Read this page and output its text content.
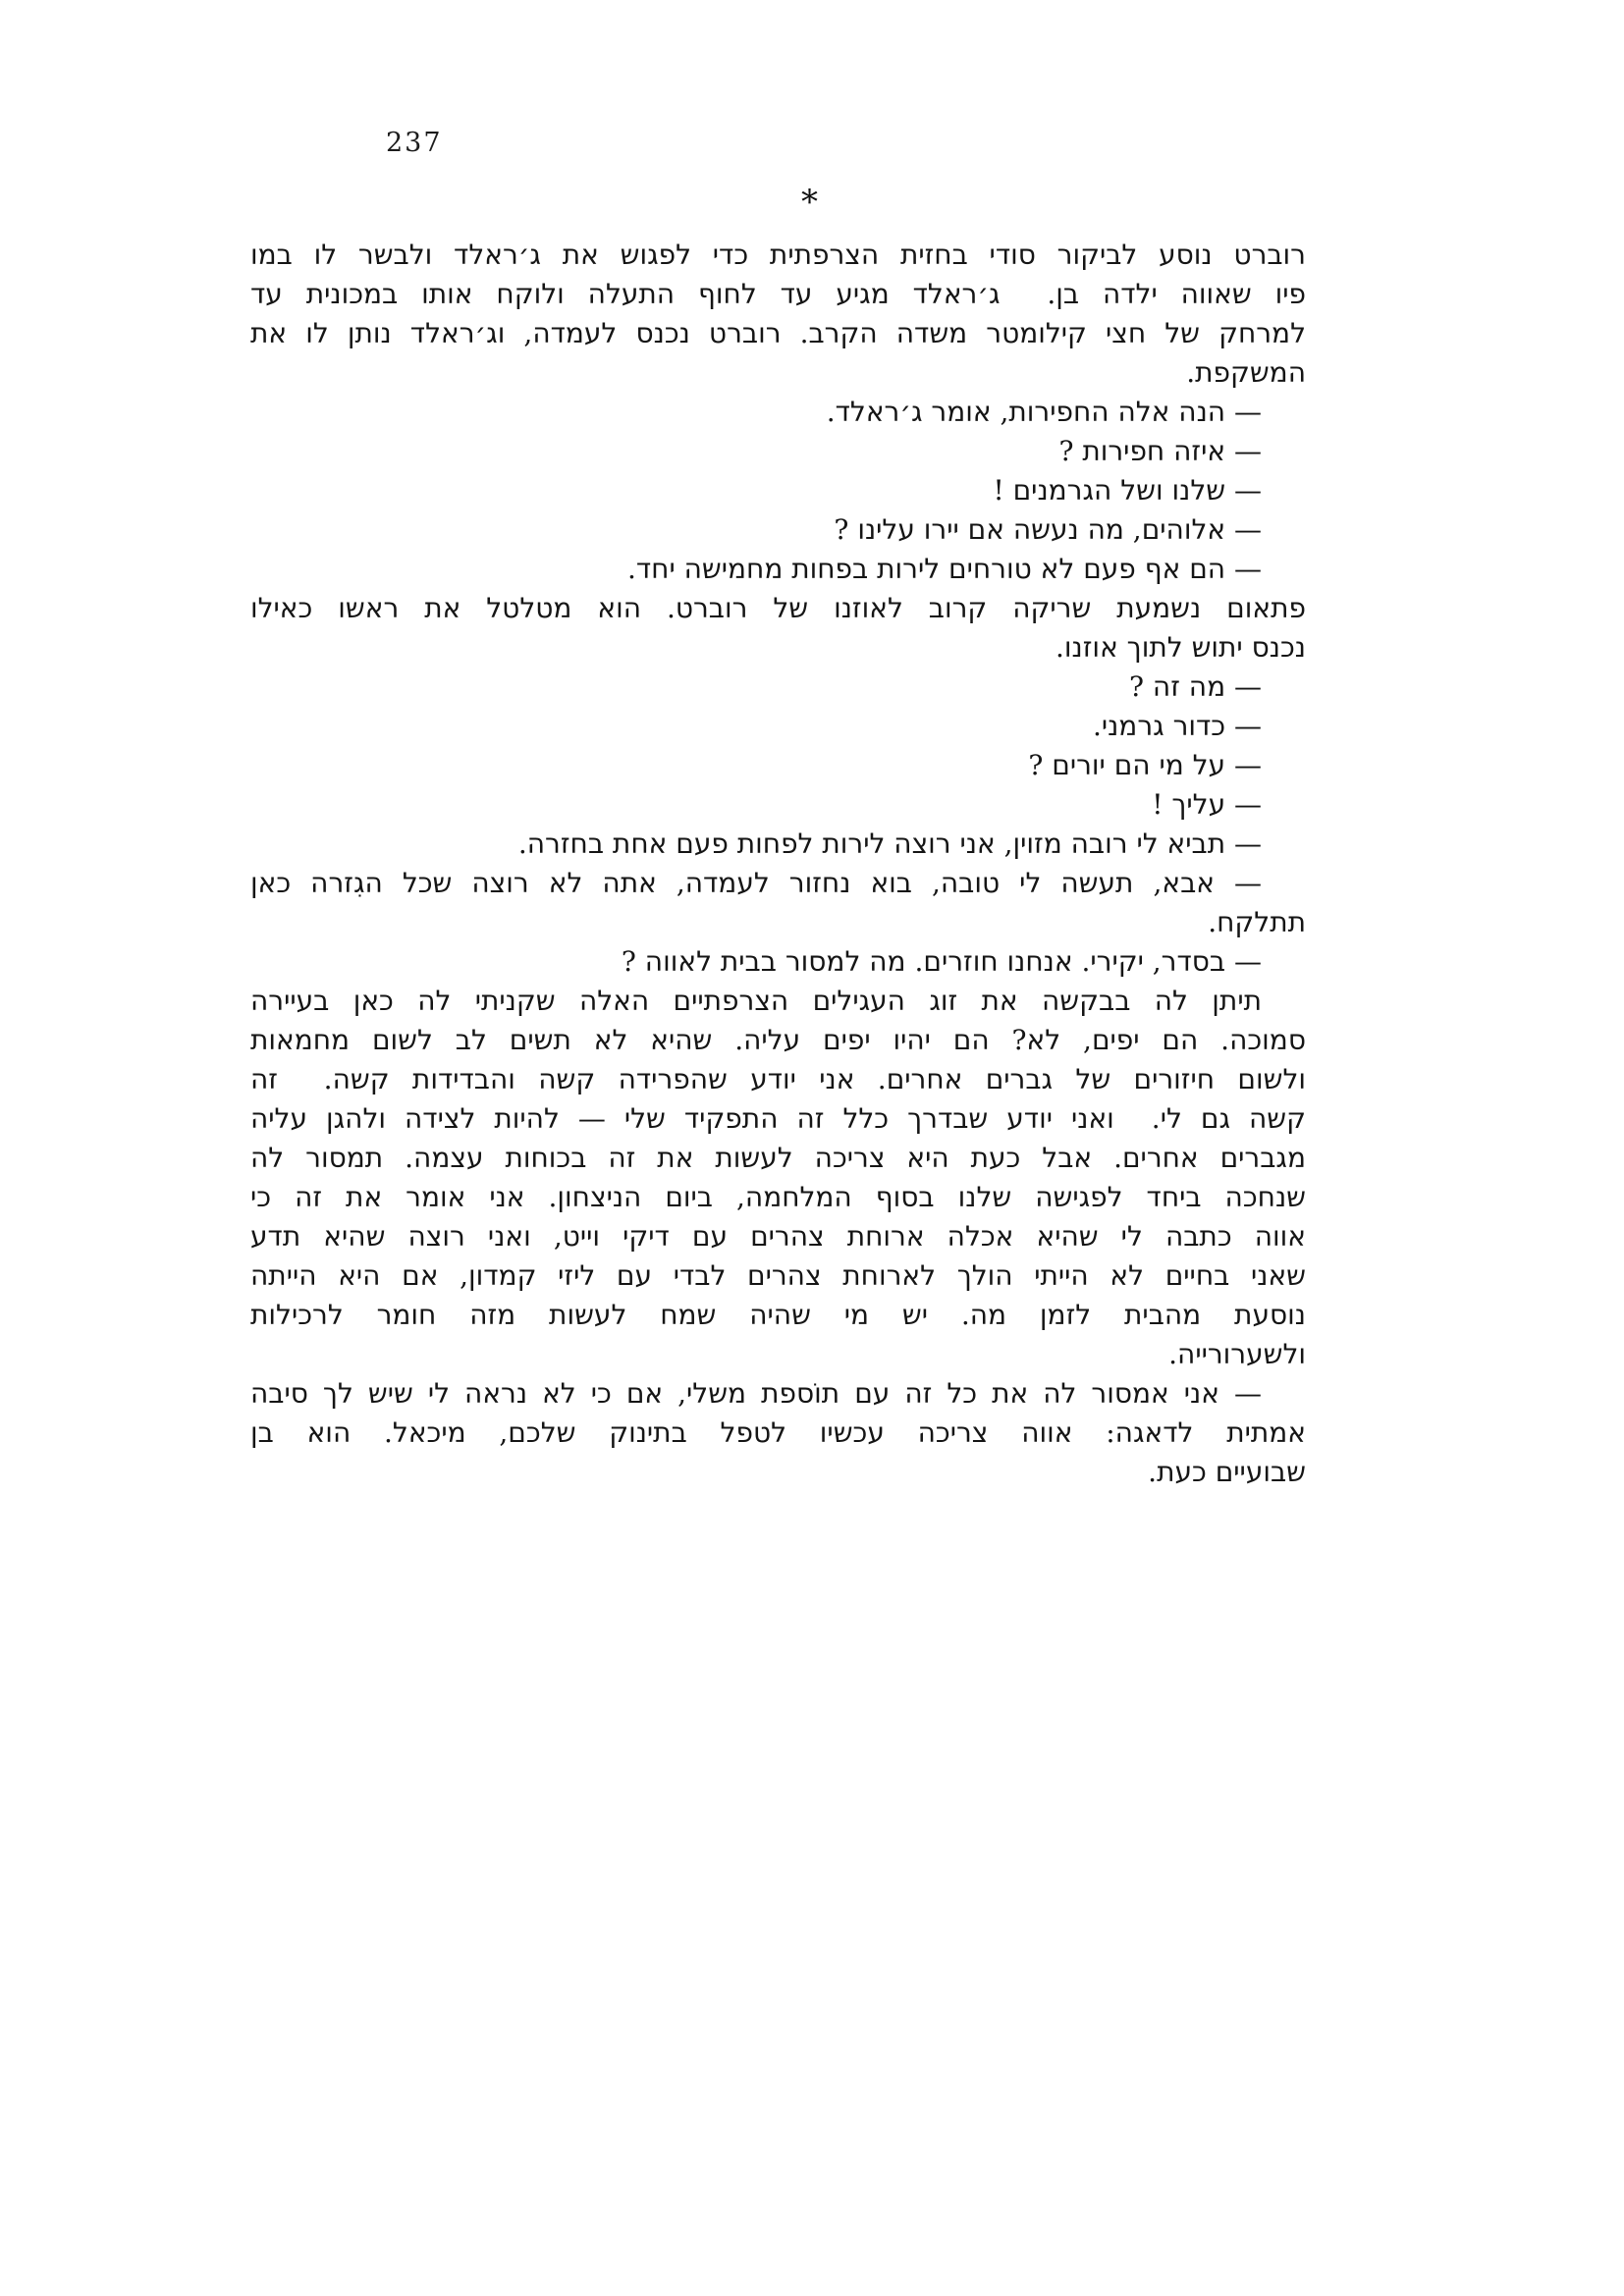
237
*
רוברט נוסע לביקור סודי בחזית הצרפתית כדי לפגוש את ג׳ראלד ולבשר לו במו
פיו שאווה ילדה בן.  ג׳ראלד מגיע עד לחוף התעלה ולוקח אותו במכונית עד
למרחק של חצי קילומטר משדה הקרב. רוברט נכנס לעמדה, וג׳ראלד נותן לו את
המשקפת.
— הנה אלה החפירות, אומר ג׳ראלד.
— איזה חפירות ?
— שלנו ושל הגרמנים !
— אלוהים, מה נעשה אם יירו עלינו ?
— הם אף פעם לא טורחים לירות בפחות מחמישה יחד.
פתאום נשמעת שריקה קרוב לאוזנו של רוברט. הוא מטלטל את ראשו כאילו
נכנס יתוש לתוך אוזנו.
— מה זה ?
— כדור גרמני.
— על מי הם יורים ?
— עליך !
— תביא לי רובה מזוין, אני רוצה לירות לפחות פעם אחת בחזרה.
— אבא, תעשה לי טובה, בוא נחזור לעמדה, אתה לא רוצה שכל הגִזרה כאן
תתלקח.
— בסדר, יקירי. אנחנו חוזרים. מה למסור בבית לאווה ?
תיתן לה בבקשה את זוג העגילים הצרפתיים האלה שקניתי לה כאן בעיירה
סמוכה. הם יפים, לא? הם יהיו יפים עליה. שהיא לא תשים לב לשום מחמאות
ולשום חיזורים של גברים אחרים. אני יודע שהפרידה קשה והבדידות קשה.  זה
קשה גם לי.  ואני יודע שבדרך כלל זה התפקיד שלי — להיות לצידה ולהגן עליה
מגברים אחרים. אבל כעת היא צריכה לעשות את זה בכוחות עצמה. תמסור לה
שנחכה ביחד לפגישה שלנו בסוף המלחמה, ביום הניצחון. אני אומר את זה כי
אווה כתבה לי שהיא אכלה ארוחת צהרים עם דיקי וייט, ואני רוצה שהיא תדע
שאני בחיים לא הייתי הולך לארוחת צהרים לבדי עם ליזי קמדון, אם היא הייתה
נוסעת מהבית לזמן מה. יש מי שהיה שמח לעשות מזה חומר לרכילות
ולשערורייה.
— אני אמסור לה את כל זה עם תוֹספת משלי, אם כי לא נראה לי שיש לך סיבה
אמתית לדאגה: אווה צריכה עכשיו לטפל בתינוק שלכם, מיכאל. הוא בן
שבועיים כעת.
